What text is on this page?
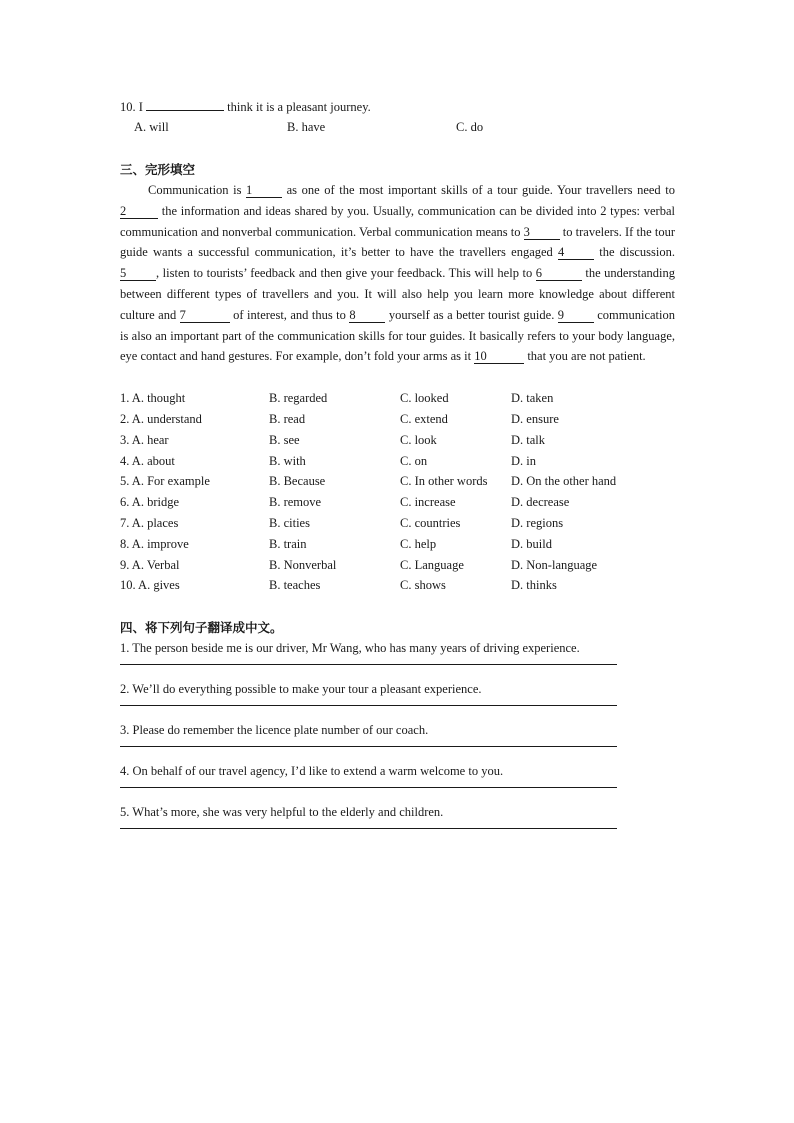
10. I	think it is a pleasant journey.
A. will	B. have	C. do
三、完形填空

Communication is 1 as one of the most important skills of a tour guide. Your travellers need to 2	the information and ideas shared by you. Usually, communication can be divided into 2 types: verbal communication and nonverbal communication. Verbal communication means to 3 to travelers. If the tour guide wants a successful communication, it’s better to have the travellers engaged 4 the discussion. 5 , listen to tourists’ feedback and then give your feedback. This will help to 6	the understanding between different types of travellers and you. It will also help you learn more knowledge about different culture and 7	of interest, and thus to 8 yourself as a better tourist guide. 9 communication is also an important part of the communication skills for tour guides. It basically refers to your body language, eye contact and hand gestures. For example, don’t fold your arms as it 10	that you are not patient.

1. A. thought	B. regarded	C. looked	D. taken
2. A. understand	B. read	C. extend	D. ensure
3. A. hear	B. see	C. look	D. talk
4. A. about	B. with	C. on	D. in
5. A. For example	B. Because	C. In other words	D. On the other hand
6. A. bridge	B. remove	C. increase	D. decrease
7. A. places	B. cities	C. countries	D. regions
8. A. improve	B. train	C. help	D. build
9. A. Verbal	B. Nonverbal	C. Language	D. Non-language
10. A. gives	B. teaches	C. shows	D. thinks
四、将下列句子翻译成中文。
1. The person beside me is our driver, Mr Wang, who has many years of driving experience.
2. We’ll do everything possible to make your tour a pleasant experience.
3. Please do remember the licence plate number of our coach.
4. On behalf of our travel agency, I’d like to extend a warm welcome to you.
5. What’s more, she was very helpful to the elderly and children.
